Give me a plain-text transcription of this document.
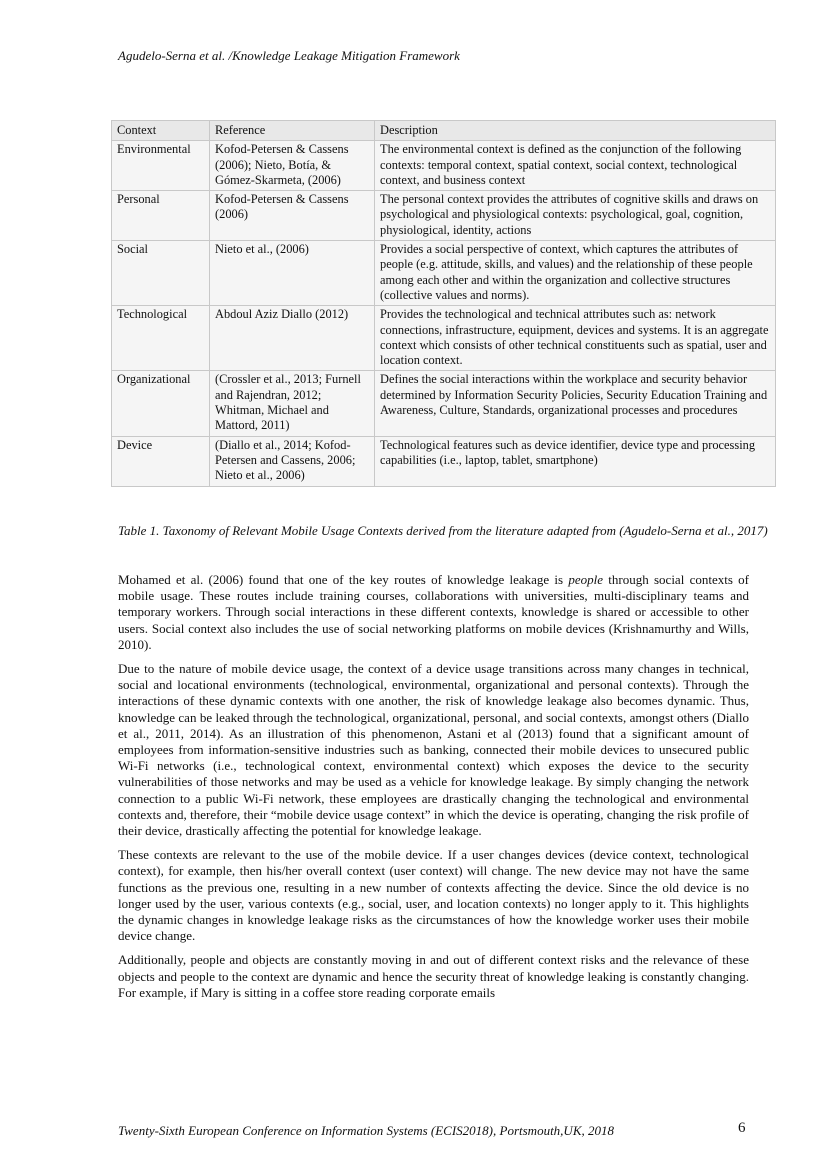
Agudelo-Serna et al. /Knowledge Leakage Mitigation Framework
Context	Reference	Description
Environmental	Kofod-Petersen & Cassens (2006); Nieto, Botía, & Gómez-Skarmeta, (2006)	The environmental context is defined as the conjunction of the following contexts: temporal context, spatial context, social context, technological context, and business context
Personal	Kofod-Petersen & Cassens (2006)	The personal context provides the attributes of cognitive skills and draws on psychological and physiological contexts: psychological, goal, cognition, physiological, identity, actions
Social	Nieto et al., (2006)	Provides a social perspective of context, which captures the attributes of people (e.g. attitude, skills, and values) and the relationship of these people among each other and within the organization and collective structures (collective values and norms).
Technological	Abdoul Aziz Diallo (2012)	Provides the technological and technical attributes such as: network connections, infrastructure, equipment, devices and systems. It is an aggregate context which consists of other technical constituents such as spatial, user and location context.
Organizational	(Crossler et al., 2013; Furnell and Rajendran, 2012; Whitman, Michael and Mattord, 2011)	Defines the social interactions within the workplace and security behavior determined by Information Security Policies, Security Education Training and Awareness, Culture, Standards, organizational processes and procedures
Device	(Diallo et al., 2014; Kofod-Petersen and Cassens, 2006; Nieto et al., 2006)	Technological features such as device identifier, device type and processing capabilities (i.e., laptop, tablet, smartphone)
Table 1. Taxonomy of Relevant Mobile Usage Contexts derived from the literature adapted from (Agudelo-Serna et al., 2017)

Mohamed et al. (2006) found that one of the key routes of knowledge leakage is people through social contexts of mobile usage. These routes include training courses, collaborations with universities, multi-disciplinary teams and temporary workers. Through social interactions in these different contexts, knowledge is shared or accessible to other users. Social context also includes the use of social networking platforms on mobile devices (Krishnamurthy and Wills, 2010).

Due to the nature of mobile device usage, the context of a device usage transitions across many changes in technical, social and locational environments (technological, environmental, organizational and personal contexts). Through the interactions of these dynamic contexts with one another, the risk of knowledge leakage also becomes dynamic. Thus, knowledge can be leaked through the technological, organizational, personal, and social contexts, amongst others (Diallo et al., 2011, 2014). As an illustration of this phenomenon, Astani et al (2013) found that a significant amount of employees from information-sensitive industries such as banking, connected their mobile devices to unsecured public Wi-Fi networks (i.e., technological context, environmental context) which exposes the device to the security vulnerabilities of those networks and may be used as a vehicle for knowledge leakage. By simply changing the network connection to a public Wi-Fi network, these employees are drastically changing the technological and environmental contexts and, therefore, their “mobile device usage context” in which the device is operating, changing the risk profile of their device, drastically affecting the potential for knowledge leakage.

These contexts are relevant to the use of the mobile device. If a user changes devices (device context, technological context), for example, then his/her overall context (user context) will change. The new device may not have the same functions as the previous one, resulting in a new number of contexts affecting the device. Since the old device is no longer used by the user, various contexts (e.g., social, user, and location contexts) no longer apply to it. This highlights the dynamic changes in knowledge leakage risks as the circumstances of how the knowledge worker uses their mobile device change.

Additionally, people and objects are constantly moving in and out of different context risks and the relevance of these objects and people to the context are dynamic and hence the security threat of knowledge leaking is constantly changing. For example, if Mary is sitting in a coffee store reading corporate emails

Twenty-Sixth European Conference on Information Systems (ECIS2018), Portsmouth,UK, 2018	6
